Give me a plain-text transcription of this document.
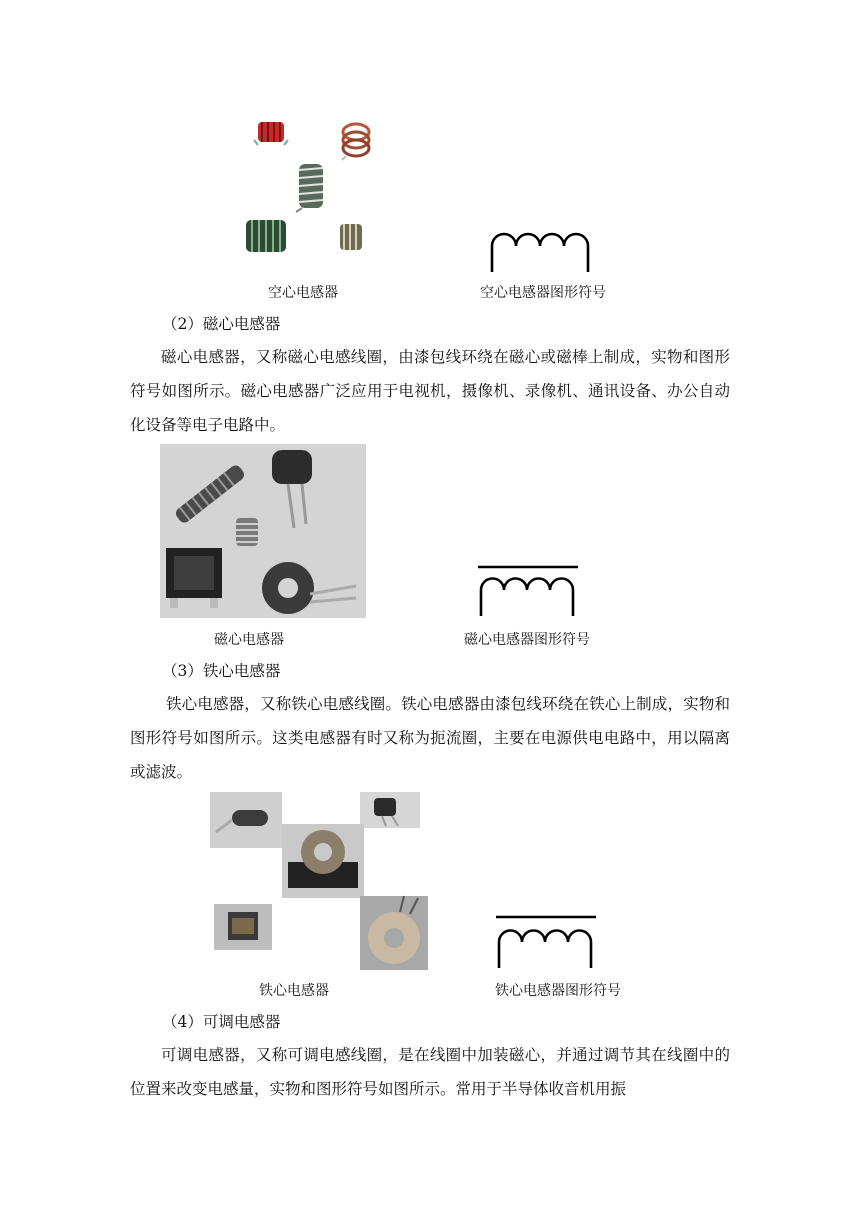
空心电感器	空心电感器图形符号
（2）磁心电感器
磁心电感器，又称磁心电感线圈，由漆包线环绕在磁心或磁棒上制成，实物和图形符号如图所示。磁心电感器广泛应用于电视机，摄像机、录像机、通讯设备、办公自动化设备等电子电路中。
磁心电感器	磁心电感器图形符号
（3）铁心电感器
铁心电感器，又称铁心电感线圈。铁心电感器由漆包线环绕在铁心上制成，实物和图形符号如图所示。这类电感器有时又称为扼流圈，主要在电源供电电路中，用以隔离或滤波。
铁心电感器	铁心电感器图形符号
（4）可调电感器
可调电感器，又称可调电感线圈，是在线圈中加装磁心，并通过调节其在线圈中的位置来改变电感量，实物和图形符号如图所示。常用于半导体收音机用振
